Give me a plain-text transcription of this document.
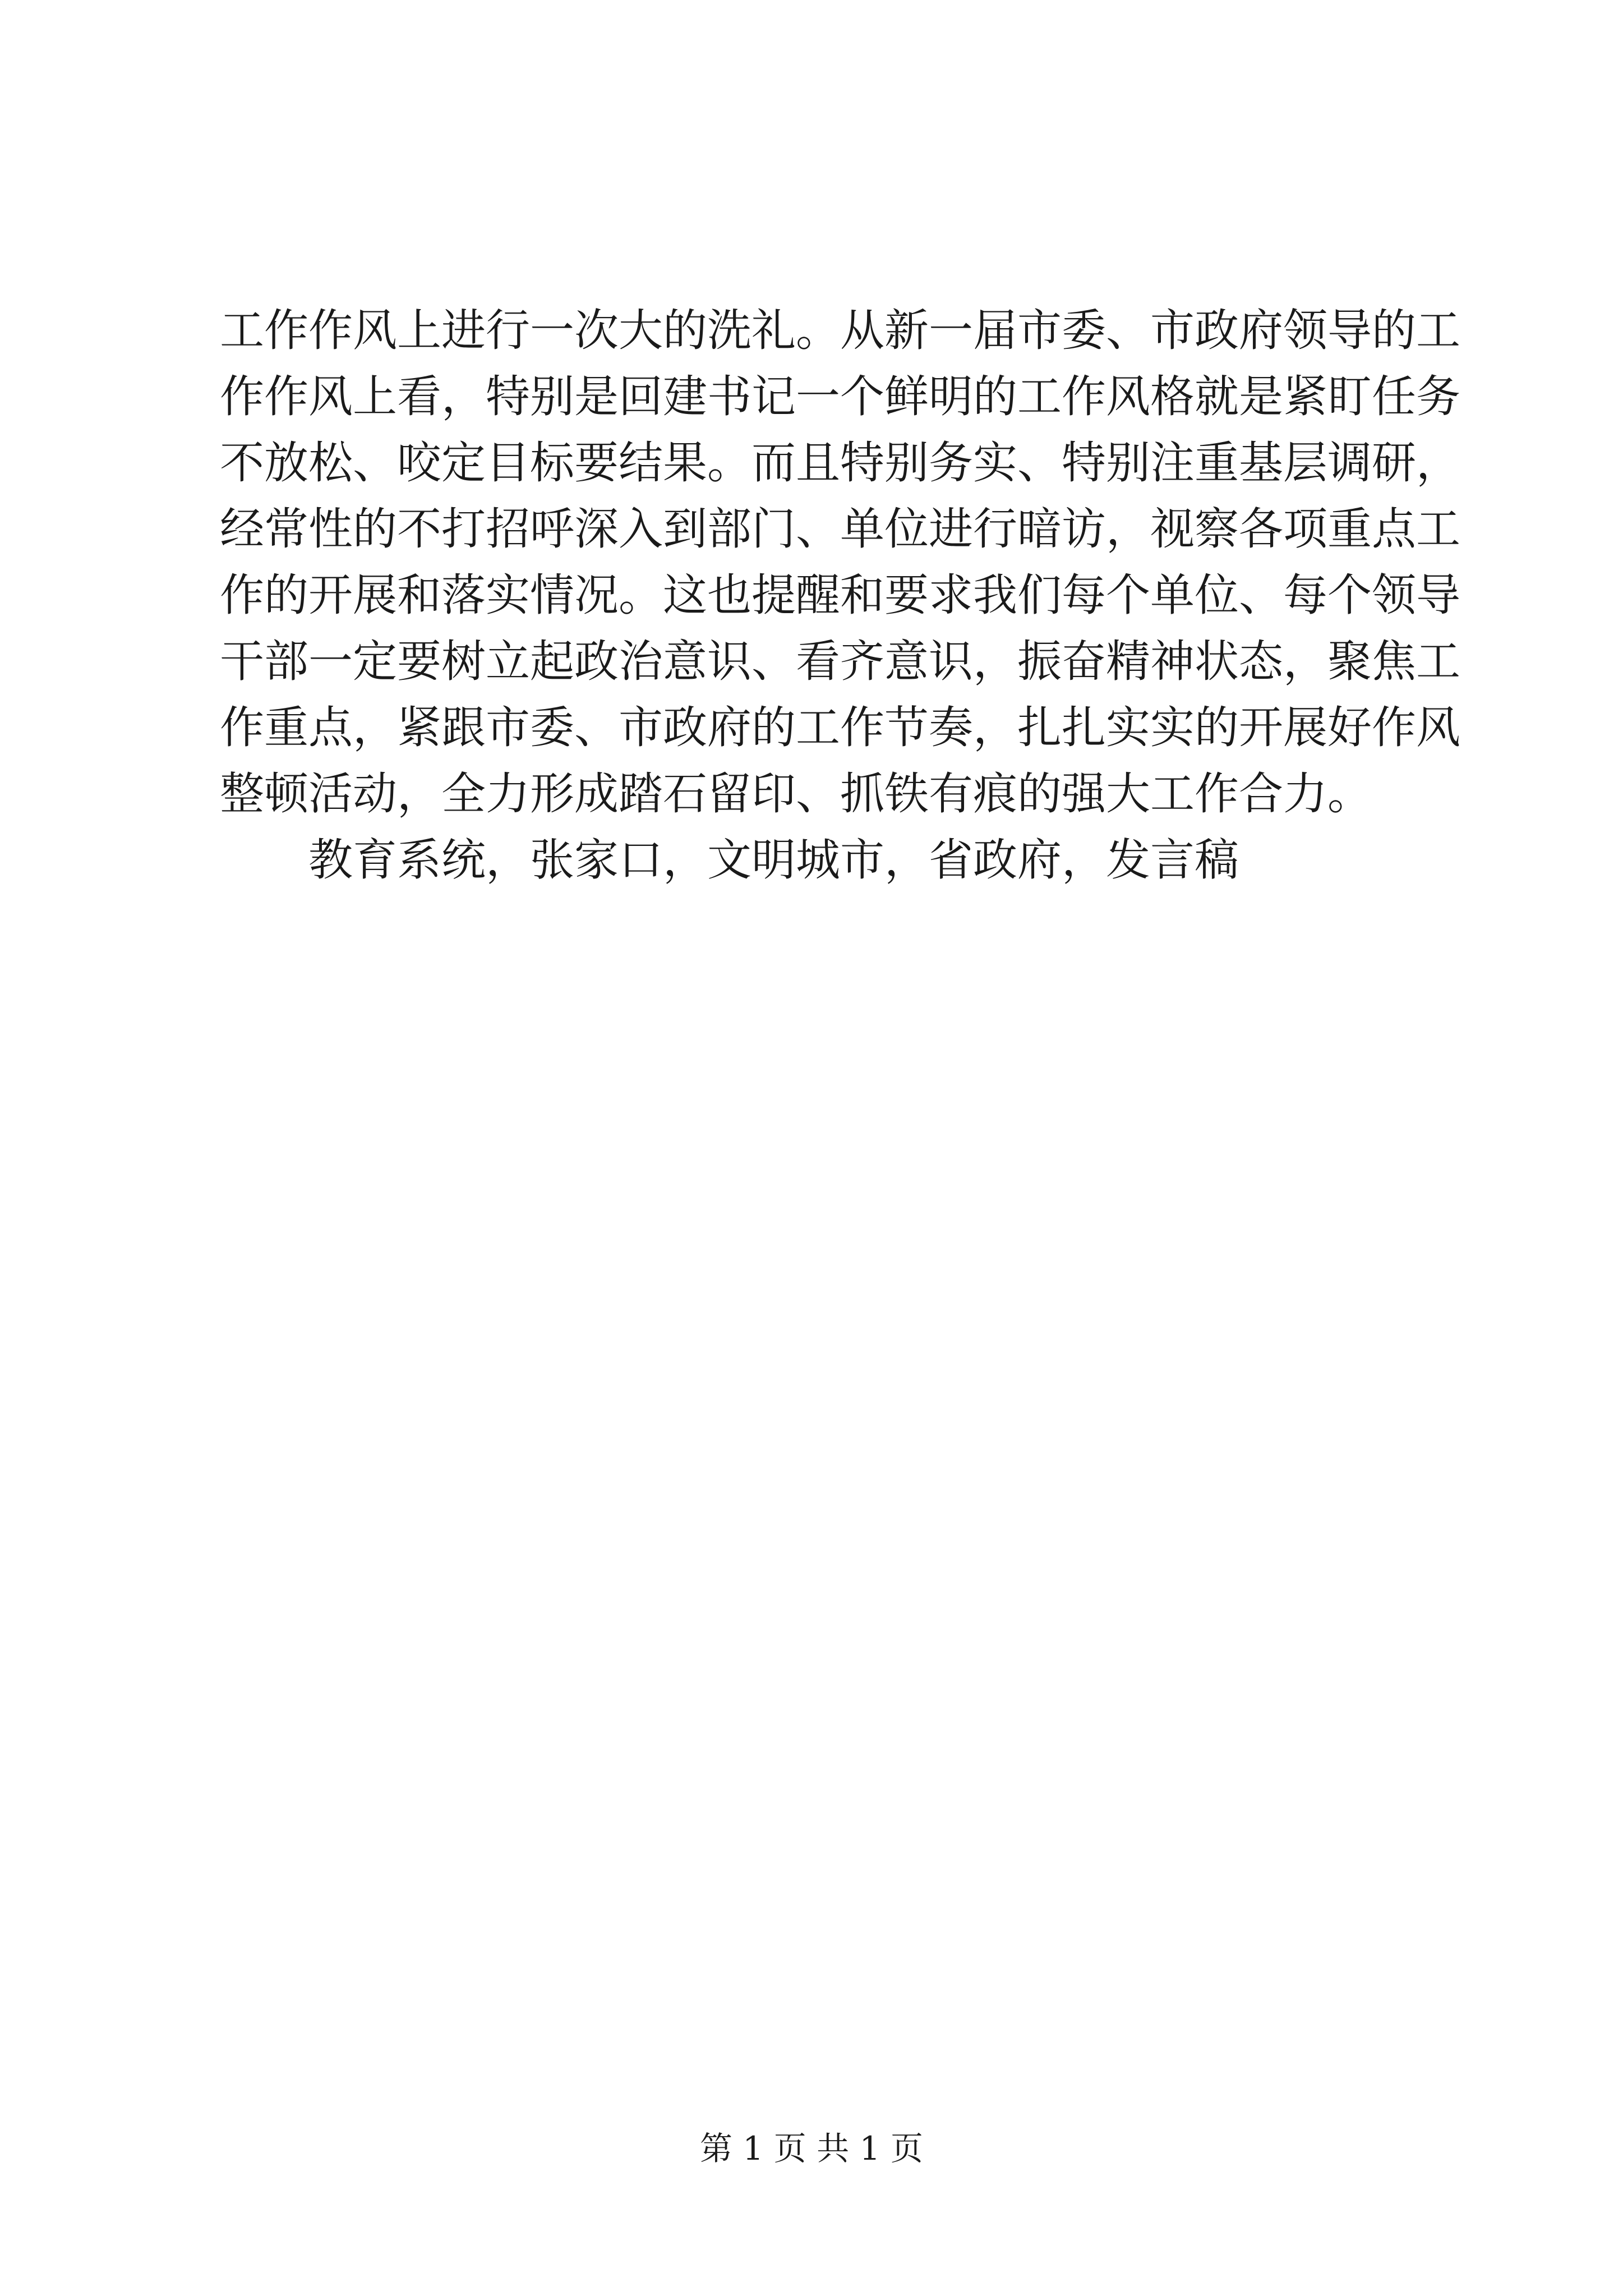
工作作风上进行一次大的洗礼。从新一届市委、市政府领导的工
作作风上看，特别是回建书记一个鲜明的工作风格就是紧盯任务
不放松、咬定目标要结果。而且特别务实、特别注重基层调研，
经常性的不打招呼深入到部门、单位进行暗访，视察各项重点工
作的开展和落实情况。这也提醒和要求我们每个单位、每个领导
干部一定要树立起政治意识、看齐意识，振奋精神状态，聚焦工
作重点，紧跟市委、市政府的工作节奏，扎扎实实的开展好作风
整顿活动，全力形成踏石留印、抓铁有痕的强大工作合力。
教育系统，张家口，文明城市，省政府，发言稿
第 1 页 共 1 页
